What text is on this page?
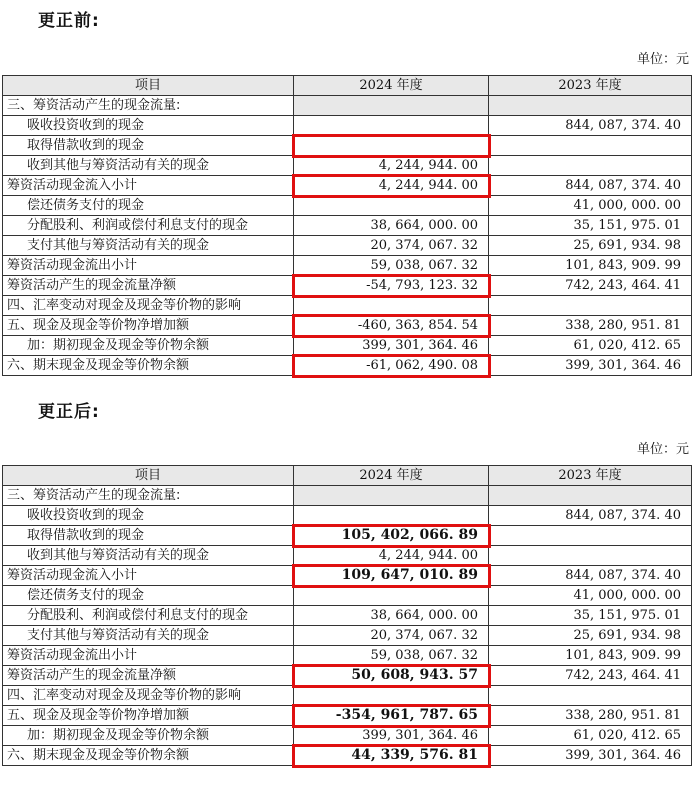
更正前:
单位：元
项目	2024 年度	2023 年度
三、筹资活动产生的现金流量:		
吸收投资收到的现金		844, 087, 374. 40
取得借款收到的现金		
收到其他与筹资活动有关的现金	4, 244, 944. 00	
筹资活动现金流入小计	4, 244, 944. 00	844, 087, 374. 40
偿还债务支付的现金		41, 000, 000. 00
分配股利、利润或偿付利息支付的现金	38, 664, 000. 00	35, 151, 975. 01
支付其他与筹资活动有关的现金	20, 374, 067. 32	25, 691, 934. 98
筹资活动现金流出小计	59, 038, 067. 32	101, 843, 909. 99
筹资活动产生的现金流量净额	-54, 793, 123. 32	742, 243, 464. 41
四、汇率变动对现金及现金等价物的影响		
五、现金及现金等价物净增加额	-460, 363, 854. 54	338, 280, 951. 81
加：期初现金及现金等价物余额	399, 301, 364. 46	61, 020, 412. 65
六、期末现金及现金等价物余额	-61, 062, 490. 08	399, 301, 364. 46
更正后:
单位：元
项目	2024 年度	2023 年度
三、筹资活动产生的现金流量:		
吸收投资收到的现金		844, 087, 374. 40
取得借款收到的现金	105, 402, 066. 89	
收到其他与筹资活动有关的现金	4, 244, 944. 00	
筹资活动现金流入小计	109, 647, 010. 89	844, 087, 374. 40
偿还债务支付的现金		41, 000, 000. 00
分配股利、利润或偿付利息支付的现金	38, 664, 000. 00	35, 151, 975. 01
支付其他与筹资活动有关的现金	20, 374, 067. 32	25, 691, 934. 98
筹资活动现金流出小计	59, 038, 067. 32	101, 843, 909. 99
筹资活动产生的现金流量净额	50, 608, 943. 57	742, 243, 464. 41
四、汇率变动对现金及现金等价物的影响		
五、现金及现金等价物净增加额	-354, 961, 787. 65	338, 280, 951. 81
加：期初现金及现金等价物余额	399, 301, 364. 46	61, 020, 412. 65
六、期末现金及现金等价物余额	44, 339, 576. 81	399, 301, 364. 46
